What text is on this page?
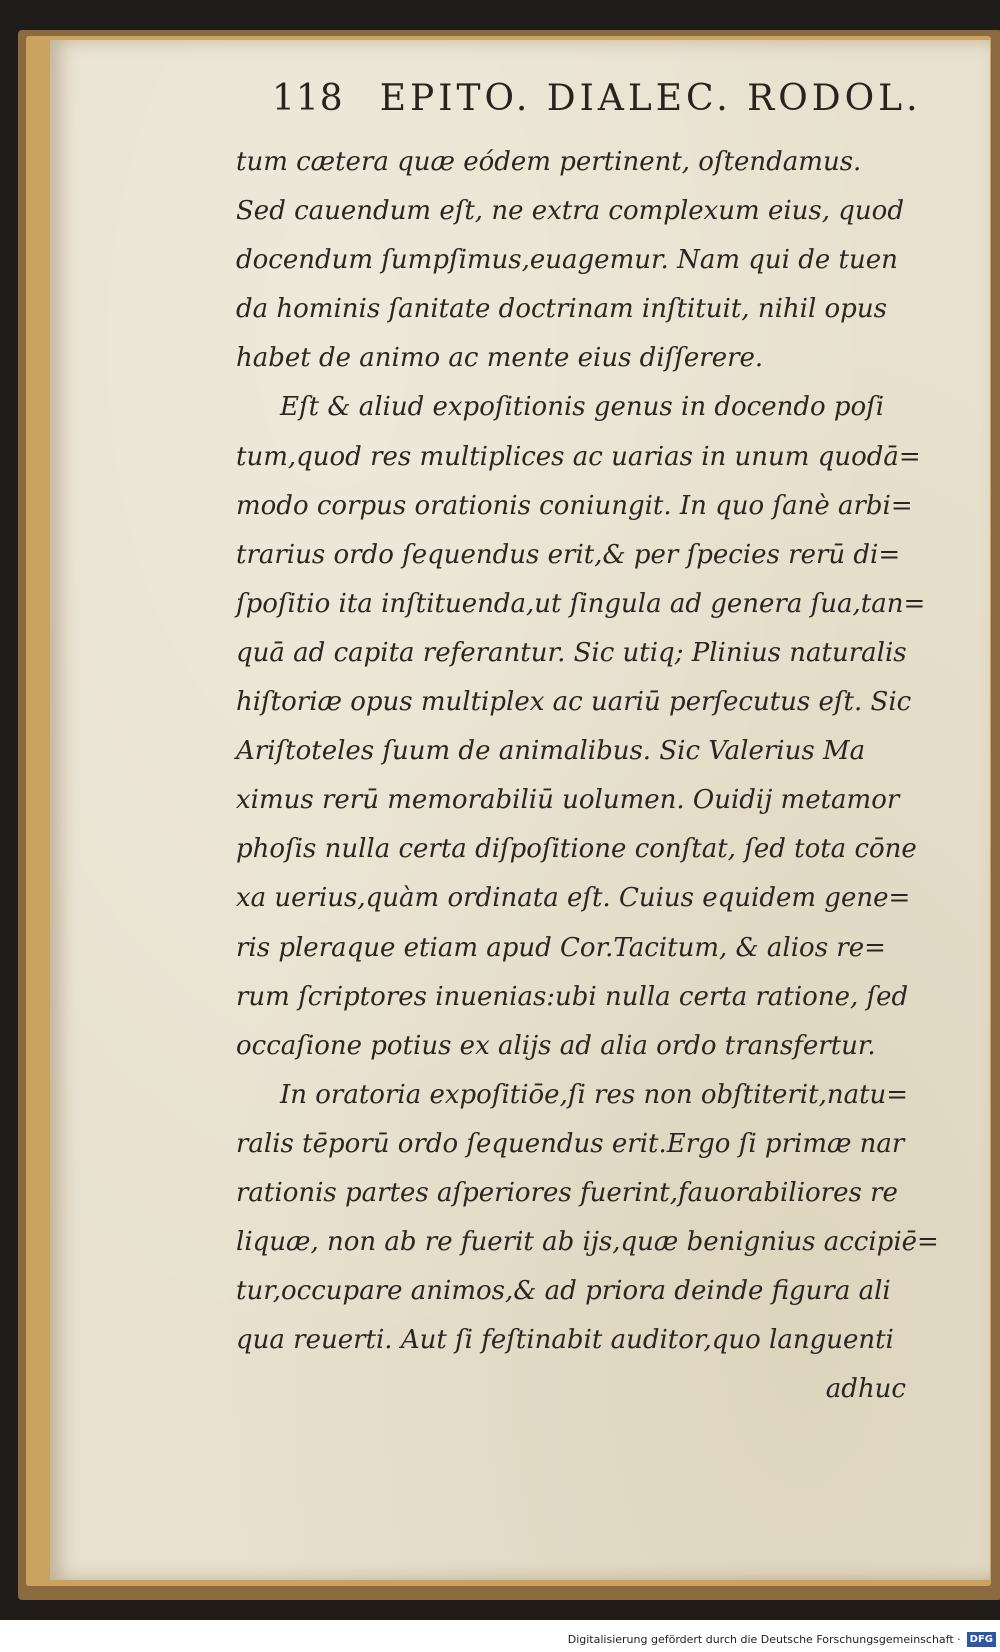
118 EPITO. DIALEC. RODOL.
tum cætera quæ eódem pertinent, oſtendamus.
Sed cauendum eſt, ne extra complexum eius, quod
docendum ſumpſimus,euagemur. Nam qui de tuen
da hominis ſanitate doctrinam inſtituit, nihil opus
habet de animo ac mente eius diſſerere.
Eſt & aliud expoſitionis genus in docendo poſi
tum,quod res multiplices ac uarias in unum quodā=
modo corpus orationis coniungit. In quo ſanè arbi=
trarius ordo ſequendus erit,& per ſpecies rerū di=
ſpoſitio ita inſtituenda,ut ſingula ad genera ſua,tan=
quā ad capita referantur. Sic utiq; Plinius naturalis
hiſtoriæ opus multiplex ac uariū perſecutus eſt. Sic
Ariſtoteles ſuum de animalibus. Sic Valerius Ma
ximus rerū memorabiliū uolumen. Ouidij metamor
phoſis nulla certa diſpoſitione conſtat, ſed tota cōne
xa uerius,quàm ordinata eſt. Cuius equidem gene=
ris pleraque etiam apud Cor.Tacitum, & alios re=
rum ſcriptores inuenias:ubi nulla certa ratione, ſed
occaſione potius ex alijs ad alia ordo transfertur.
In oratoria expoſitiōe,ſi res non obſtiterit,natu=
ralis tēporū ordo ſequendus erit.Ergo ſi primæ nar
rationis partes aſperiores fuerint,fauorabiliores re
liquæ, non ab re fuerit ab ijs,quæ benignius accipiē=
tur,occupare animos,& ad priora deinde figura ali
qua reuerti. Aut ſi feſtinabit auditor,quo languenti
adhuc
Digitalisierung gefördert durch die Deutsche Forschungsgemeinschaft · DFG
